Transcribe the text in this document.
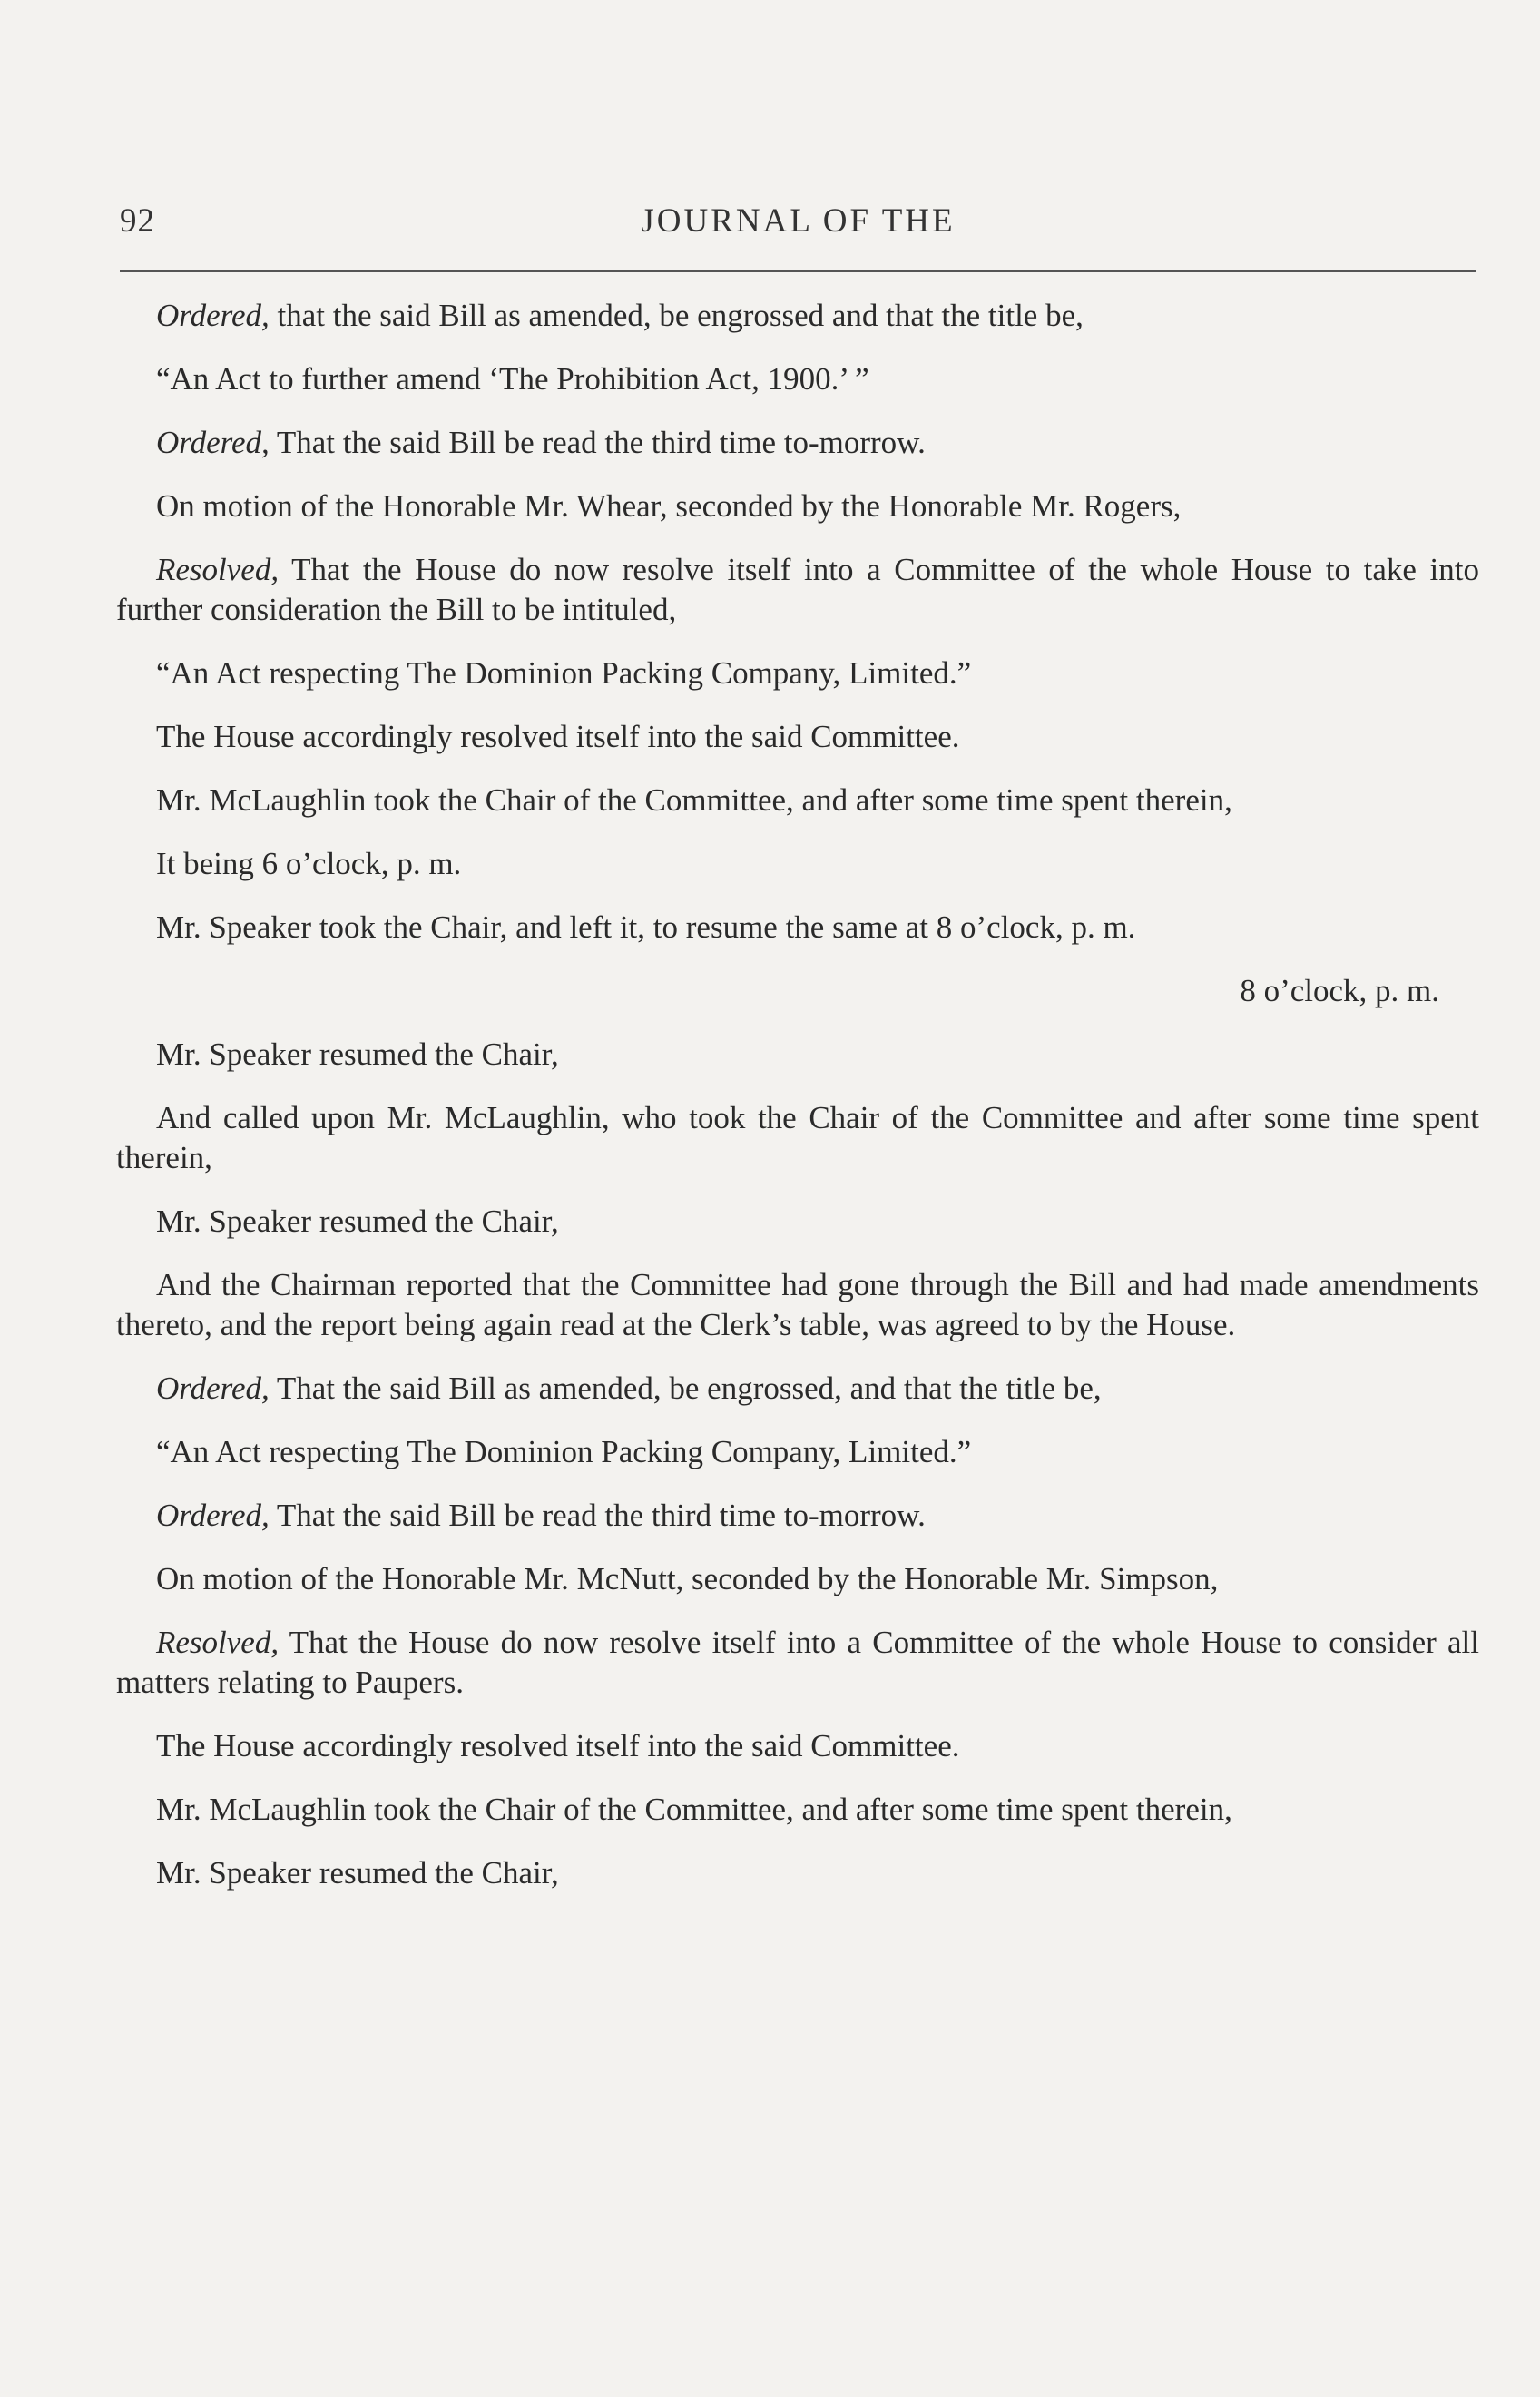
92	JOURNAL OF THE

Ordered, that the said Bill as amended, be engrossed and that the title be,

“An Act to further amend ‘The Prohibition Act, 1900.’ ”

Ordered, That the said Bill be read the third time to-morrow.

On motion of the Honorable Mr. Whear, seconded by the Honorable Mr. Rogers,

Resolved, That the House do now resolve itself into a Committee of the whole House to take into further consideration the Bill to be intituled,

“An Act respecting The Dominion Packing Company, Limited.”

The House accordingly resolved itself into the said Committee.

Mr. McLaughlin took the Chair of the Committee, and after some time spent therein,

It being 6 o’clock, p. m.

Mr. Speaker took the Chair, and left it, to resume the same at 8 o’clock, p. m.

8 o’clock, p. m.

Mr. Speaker resumed the Chair,

And called upon Mr. McLaughlin, who took the Chair of the Committee and after some time spent therein,

Mr. Speaker resumed the Chair,

And the Chairman reported that the Committee had gone through the Bill and had made amendments thereto, and the report being again read at the Clerk’s table, was agreed to by the House.

Ordered, That the said Bill as amended, be engrossed, and that the title be,

“An Act respecting The Dominion Packing Company, Limited.”

Ordered, That the said Bill be read the third time to-morrow.

On motion of the Honorable Mr. McNutt, seconded by the Honorable Mr. Simpson,

Resolved, That the House do now resolve itself into a Committee of the whole House to consider all matters relating to Paupers.

The House accordingly resolved itself into the said Committee.

Mr. McLaughlin took the Chair of the Committee, and after some time spent therein,

Mr. Speaker resumed the Chair,
